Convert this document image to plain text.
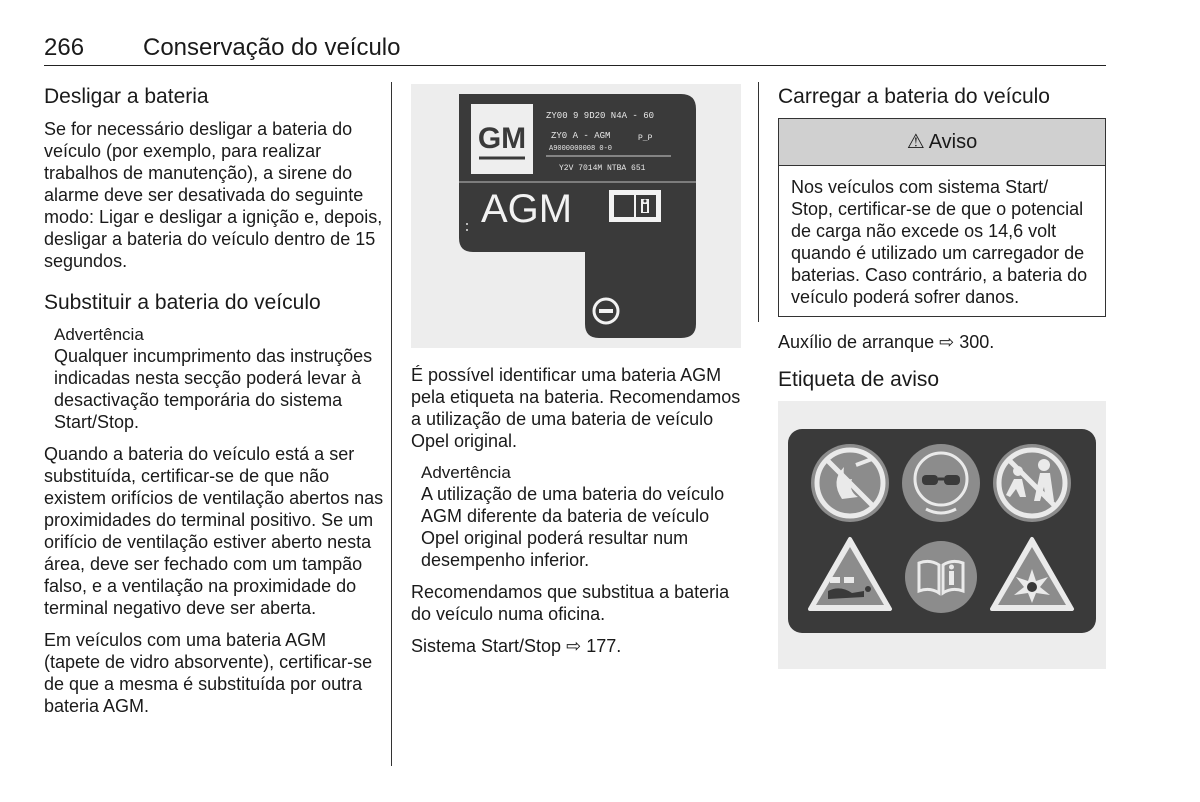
266 Conservação do veículo
Desligar a bateria

Se for necessário desligar a bateria do veículo (por exemplo, para realizar trabalhos de manutenção), a sirene do alarme deve ser desativada do seguinte modo: Ligar e desligar a ignição e, depois, desligar a bateria do veículo dentro de 15 segundos.

Substituir a bateria do veículo
Advertência
Qualquer incumprimento das instruções indicadas nesta secção poderá levar à desactivação temporária do sistema Start/Stop.

Quando a bateria do veículo está a ser substituída, certificar-se de que não existem orifícios de ventilação abertos nas proximidades do terminal positivo. Se um orifício de ventilação estiver aberto nesta área, deve ser fechado com um tampão falso, e a ventilação na proximidade do terminal negativo deve ser aberta.

Em veículos com uma bateria AGM (tapete de vidro absorvente), certificar-se de que a mesma é substituída por outra bateria AGM.

GM
ZY00 9 9D20 N4A - 60
ZY0 A - AGM	P_P
A9000000008 0-0
Y2V 7014M NTBA 651
AGM

É possível identificar uma bateria AGM pela etiqueta na bateria. Recomendamos a utilização de uma bateria de veículo Opel original.

Advertência
A utilização de uma bateria do veículo AGM diferente da bateria de veículo Opel original poderá resultar num desempenho inferior.

Recomendamos que substitua a bateria do veículo numa oficina.

Sistema Start/Stop ⇨ 177.

Carregar a bateria do veículo
⚠ Aviso
Nos veículos com sistema Start/ Stop, certificar-se de que o potencial de carga não excede os 14,6 volt quando é utilizado um carregador de baterias. Caso contrário, a bateria do veículo poderá sofrer danos.

Auxílio de arranque ⇨ 300.

Etiqueta de aviso
